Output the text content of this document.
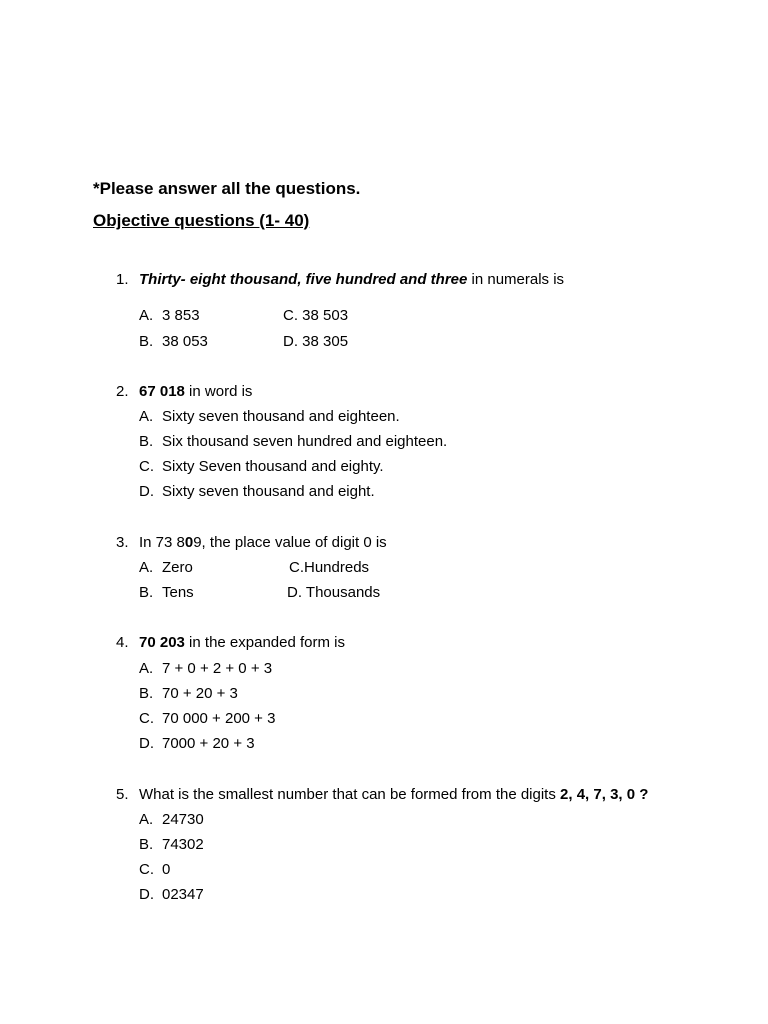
*Please answer all the questions.
Objective questions (1- 40)
1. Thirty- eight thousand, five hundred and three in numerals is
A. 3 853	C. 38 503
B. 38 053	D. 38 305
2. 67 018 in word is
A. Sixty seven thousand and eighteen.
B. Six thousand seven hundred and eighteen.
C. Sixty Seven thousand and eighty.
D. Sixty seven thousand and eight.
3. In 73 809, the place value of digit 0 is
A. Zero	C.Hundreds
B. Tens	D. Thousands
4. 70 203 in the expanded form is
A. 7 + 0 + 2 + 0 + 3
B. 70 + 20 + 3
C. 70 000 + 200 + 3
D. 7000 + 20 + 3
5. What is the smallest number that can be formed from the digits 2, 4, 7, 3, 0 ?
A. 24730
B. 74302
C. 0
D. 02347
